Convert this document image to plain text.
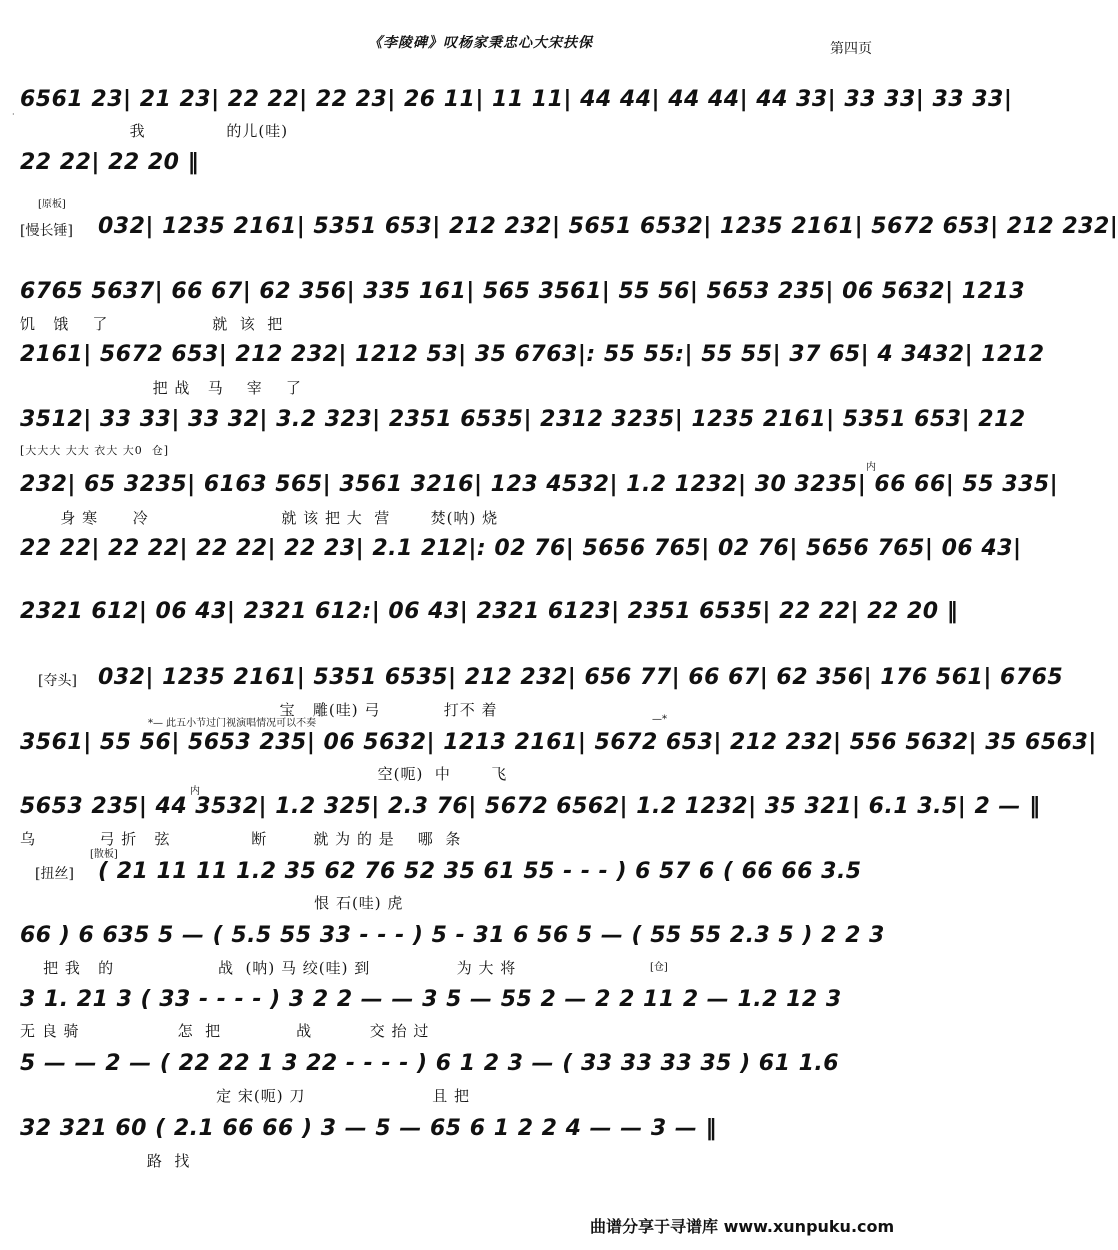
·
《李陵碑》叹杨家秉忠心大宋扶保	第四页
6561 23| 21 23| 22 22| 22 23| 26 11| 11 11| 44 44| 44 44| 44 33| 33 33| 33 33|
我              的儿(哇)
22 22| 22 20 ‖
[原板]
[慢长锤] 032| 1235 2161| 5351 653| 212 232| 5651 6532| 1235 2161| 5672 653| 212 232|
6765 5637| 66 67| 62 356| 335 161| 565 3561| 55 56| 5653 235| 06 5632| 1213
饥   饿    了                  就  该  把
2161| 5672 653| 212 232| 1212 53| 35 6763|: 55 55:| 55 55| 37 65| 4 3432| 1212
把 战   马    宰    了
3512| 33 33| 33 32| 3.2 323| 2351 6535| 2312 3235| 1235 2161| 5351 653| 212
[大大大 大大 衣大 大0  仓]
内
232| 65 3235| 6163 565| 3561 3216| 123 4532| 1.2 1232| 30 3235| 66 66| 55 335|
身 寒      冷                       就 该 把 大  营       焚(呐) 烧
22 22| 22 22| 22 22| 22 23| 2.1 212|: 02 76| 5656 765| 02 76| 5656 765| 06 43|
2321 612| 06 43| 2321 612:| 06 43| 2321 6123| 2351 6535| 22 22| 22 20 ‖
[夺头] 032| 1235 2161| 5351 6535| 212 232| 656 77| 66 67| 62 356| 176 561| 6765
宝   雕(哇) 弓           打不 着
*— 此五小节过门视演唱情况可以不奏	—*
3561| 55 56| 5653 235| 06 5632| 1213 2161| 5672 653| 212 232| 556 5632| 35 6563|
空(呃)  中       飞
内
5653 235| 44 3532| 1.2 325| 2.3 76| 5672 6562| 1.2 1232| 35 321| 6.1 3.5| 2 — ‖
乌           弓 折   弦              断        就 为 的 是    哪  条
[散板]
[扭丝] ( 21 11 11 1.2 35 62 76 52 35 61 55 - - - ) 6 57 6 ( 66 66 3.5
恨 石(哇) 虎
66 ) 6 635 5 — ( 5.5 55 33 - - - ) 5 - 31 6 56 5 — ( 55 55 2.3 5 ) 2 2 3
[仓]
把 我   的                  战  (呐) 马 绞(哇) 到               为 大 将
3 1. 21 3 ( 33 - - - - ) 3 2 2 — — 3 5 — 55 2 — 2 2 11 2 — 1.2 12 3
无 良 骑                 怎  把             战          交 抬 过
5 — — 2 — ( 22 22 1 3 22 - - - - ) 6 1 2 3 — ( 33 33 33 35 ) 61 1.6
定 宋(呃) 刀                      且 把
32 321 60 ( 2.1 66 66 ) 3 — 5 — 65 6 1 2 2 4 — — 3 — ‖
路  找
曲谱分享于寻谱库 www.xunpuku.com
